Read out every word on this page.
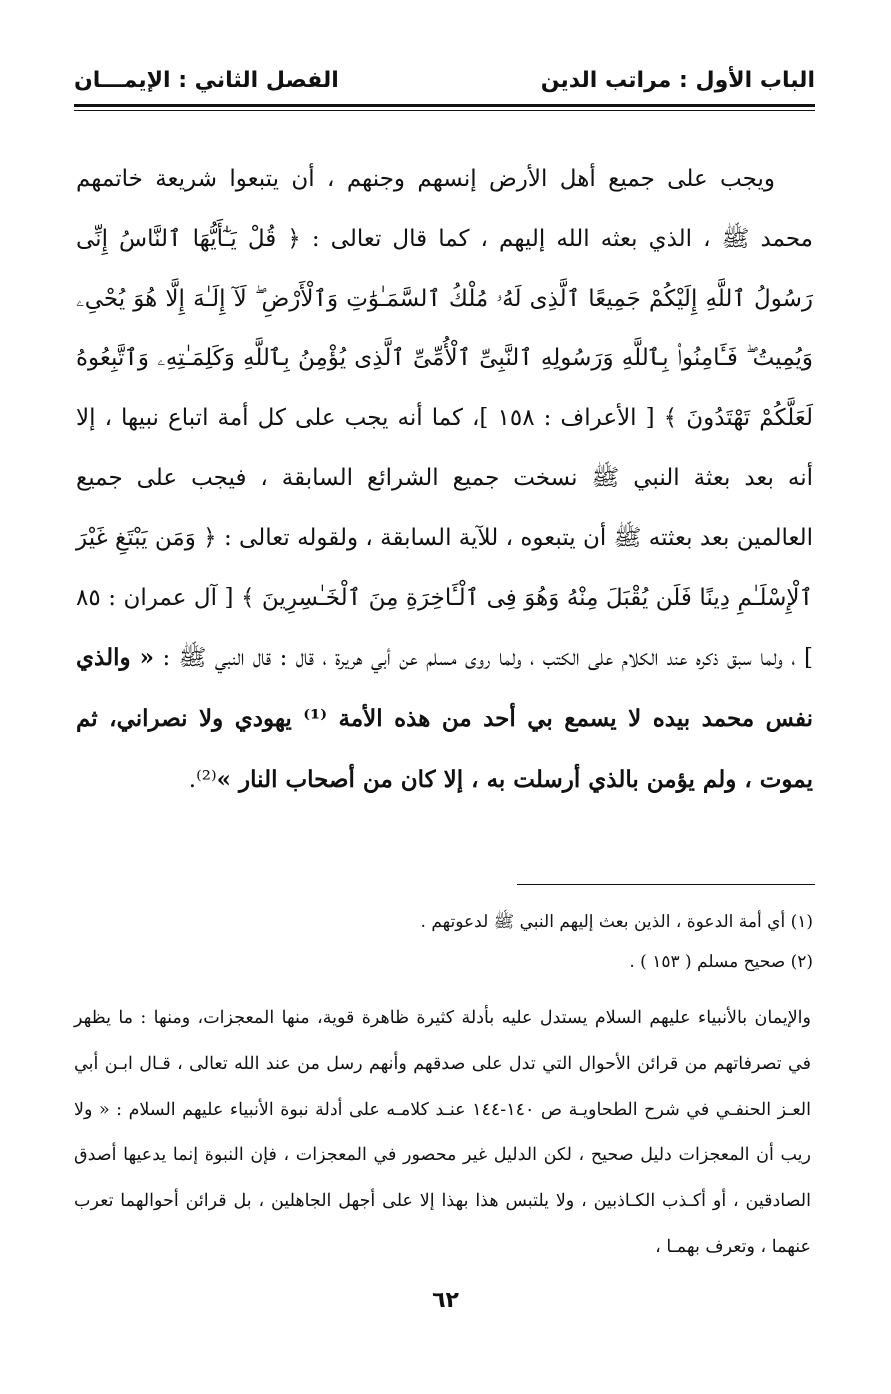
الباب الأول : مراتب الدين
الفصل الثاني : الإيمـــان

ويجب على جميع أهل الأرض إنسهم وجنهم ، أن يتبعوا شريعة خاتمهم محمد ﷺ ، الذي بعثه الله إليهم ، كما قال تعالى : ﴿ قُلْ يَـٰٓأَيُّهَا ٱلنَّاسُ إِنِّى رَسُولُ ٱللَّهِ إِلَيْكُمْ جَمِيعًا ٱلَّذِى لَهُۥ مُلْكُ ٱلسَّمَـٰوَٰتِ وَٱلْأَرْضِ ۖ لَآ إِلَـٰهَ إِلَّا هُوَ يُحْىِۦ وَيُمِيتُ ۖ فَـَٔامِنُوا۟ بِٱللَّهِ وَرَسُولِهِ ٱلنَّبِىِّ ٱلْأُمِّىِّ ٱلَّذِى يُؤْمِنُ بِٱللَّهِ وَكَلِمَـٰتِهِۦ وَٱتَّبِعُوهُ لَعَلَّكُمْ تَهْتَدُونَ ﴾ [ الأعراف : ١٥٨ ]، كما أنه يجب على كل أمة اتباع نبيها ، إلا أنه بعد بعثة النبي ﷺ نسخت جميع الشرائع السابقة ، فيجب على جميع العالمين بعد بعثته ﷺ أن يتبعوه ، للآية السابقة ، ولقوله تعالى : ﴿ وَمَن يَبْتَغِ غَيْرَ ٱلْإِسْلَـٰمِ دِينًا فَلَن يُقْبَلَ مِنْهُ وَهُوَ فِى ٱلْـَٔاخِرَةِ مِنَ ٱلْخَـٰسِرِينَ ﴾ [ آل عمران : ٨٥ ] ، ولما سبق ذكره عند الكلام على الكتب ، ولما روى مسلم عن أبي هريرة ، قال : قال النبي ﷺ : « والذي نفس محمد بيده لا يسمع بي أحد من هذه الأمة ⁽¹⁾ يهودي ولا نصراني، ثم يموت ، ولم يؤمن بالذي أرسلت به ، إلا كان من أصحاب النار »⁽²⁾.

(١) أي أمة الدعوة ، الذين بعث إليهم النبي ﷺ لدعوتهم .

(٢) صحيح مسلم ( ١٥٣ ) .

والإيمان بالأنبياء عليهم السلام يستدل عليه بأدلة كثيرة ظاهرة قوية، منها المعجزات، ومنها : ما يظهر في تصرفاتهم من قرائن الأحوال التي تدل على صدقهم وأنهم رسل من عند الله تعالى ، قـال ابـن أبي العـز الحنفـي في شرح الطحاويـة ص ١٤٠-١٤٤ عنـد كلامـه على أدلة نبوة الأنبياء عليهم السلام : « ولا ريب أن المعجزات دليل صحيح ، لكن الدليل غير محصور في المعجزات ، فإن النبوة إنما يدعيها أصدق الصادقين ، أو أكـذب الكـاذبين ، ولا يلتبس هذا بهذا إلا على أجهل الجاهلين ، بل قرائن أحوالهما تعرب عنهما ، وتعرف بهمـا ،

٦٢
